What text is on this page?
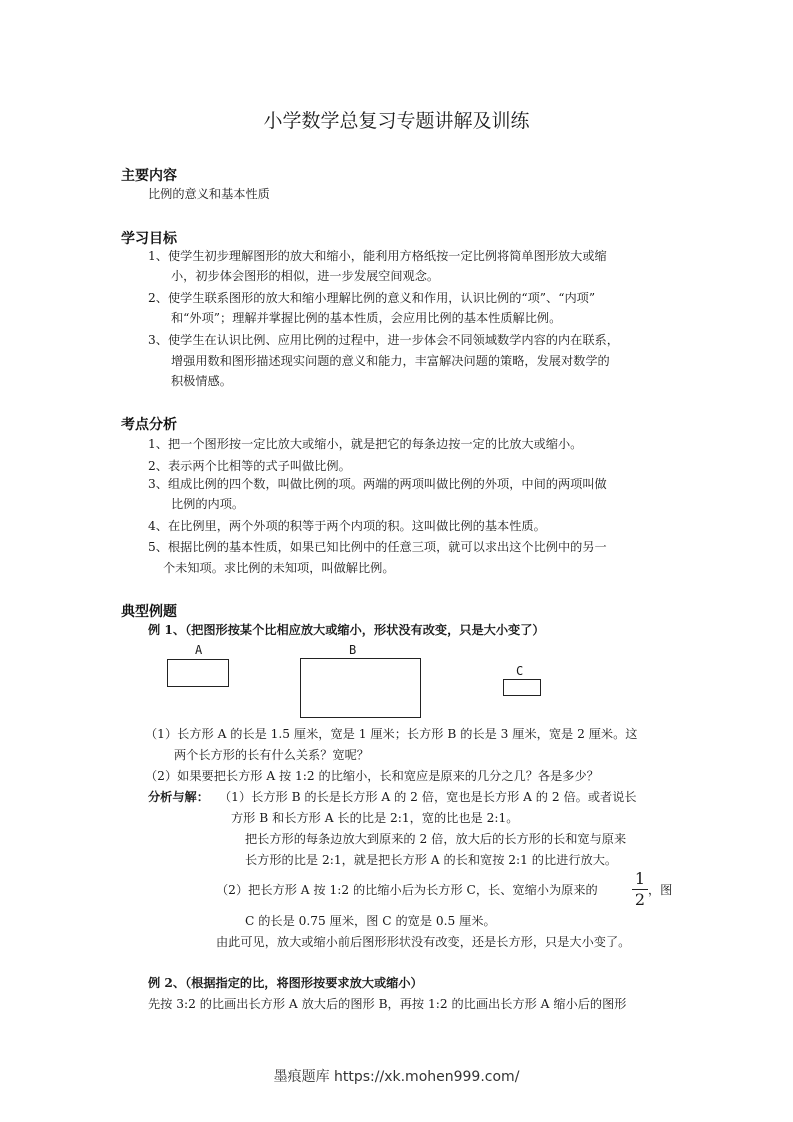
小学数学总复习专题讲解及训练
主要内容
比例的意义和基本性质
学习目标
1、使学生初步理解图形的放大和缩小，能利用方格纸按一定比例将简单图形放大或缩
小，初步体会图形的相似，进一步发展空间观念。
2、使学生联系图形的放大和缩小理解比例的意义和作用，认识比例的“项”、“内项”
和“外项”；理解并掌握比例的基本性质，会应用比例的基本性质解比例。
3、使学生在认识比例、应用比例的过程中，进一步体会不同领域数学内容的内在联系，
增强用数和图形描述现实问题的意义和能力，丰富解决问题的策略，发展对数学的
积极情感。
考点分析
1、把一个图形按一定比放大或缩小，就是把它的每条边按一定的比放大或缩小。
2、表示两个比相等的式子叫做比例。
3、组成比例的四个数，叫做比例的项。两端的两项叫做比例的外项，中间的两项叫做
比例的内项。
4、在比例里，两个外项的积等于两个内项的积。这叫做比例的基本性质。
5、根据比例的基本性质，如果已知比例中的任意三项，就可以求出这个比例中的另一
个未知项。求比例的未知项，叫做解比例。
典型例题
例 1、（把图形按某个比相应放大或缩小，形状没有改变，只是大小变了）
A	B
C
（1）长方形 A 的长是 1.5 厘米，宽是 1 厘米；长方形 B 的长是 3 厘米，宽是 2 厘米。这
两个长方形的长有什么关系？宽呢？
（2）如果要把长方形 A 按 1:2 的比缩小，长和宽应是原来的几分之几？各是多少？
分析与解： （1）长方形 B 的长是长方形 A 的 2 倍，宽也是长方形 A 的 2 倍。或者说长
方形 B 和长方形 A 长的比是 2:1，宽的比也是 2:1。
把长方形的每条边放大到原来的 2 倍，放大后的长方形的长和宽与原来
长方形的比是 2:1，就是把长方形 A 的长和宽按 2:1 的比进行放大。
（2）把长方形 A 按 1:2 的比缩小后为长方形 C，长、宽缩小为原来的
1
2 ，图
C 的长是 0.75 厘米，图 C 的宽是 0.5 厘米。
由此可见，放大或缩小前后图形形状没有改变，还是长方形，只是大小变了。
例 2、（根据指定的比，将图形按要求放大或缩小）
先按 3:2 的比画出长方形 A 放大后的图形 B，再按 1:2 的比画出长方形 A 缩小后的图形
墨痕题库 https://xk.mohen999.com/
